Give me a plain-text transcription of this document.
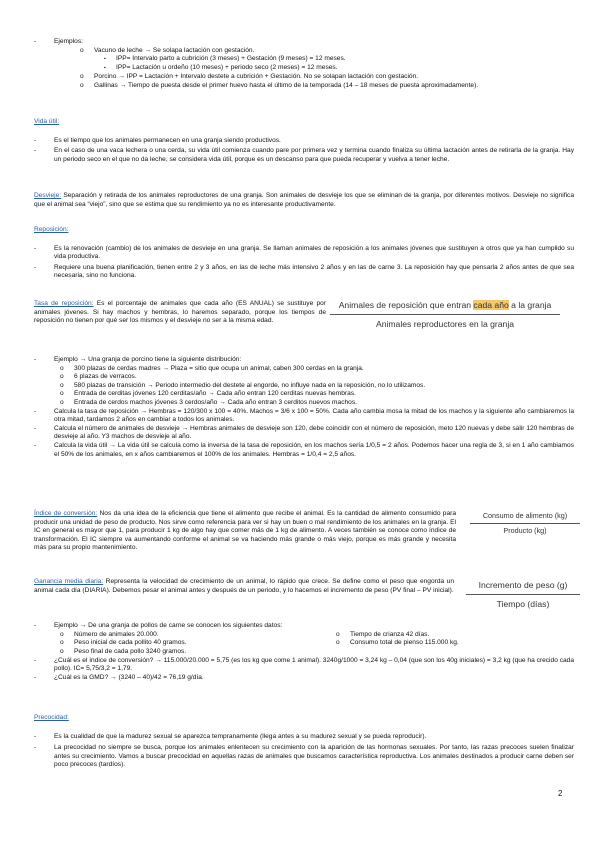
-	Ejemplos:
o Vacuno de leche → Se solapa lactación con gestación.
▪ IPP= Intervalo parto a cubrición (3 meses) + Gestación (9 meses) = 12 meses.
▪ IPP= Lactación u ordeño (10 meses) + periodo seco (2 meses) = 12 meses.
o Porcino → IPP = Lactación + Intervalo destete a cubrición + Gestación. No se solapan lactación con gestación.
o Gallinas → Tiempo de puesta desde el primer huevo hasta el último de la temporada (14 – 18 meses de puesta aproximadamente).
Vida útil:
-	Es el tiempo que los animales permanecen en una granja siendo productivos.
-	En el caso de una vaca lechera o una cerda, su vida útil comienza cuando pare por primera vez y termina cuando finaliza su última lactación antes de retirarla de la granja. Hay un periodo seco en el que no da leche, se considera vida útil, porque es un descanso para que pueda recuperar y vuelva a tener leche.
Desvieje: Separación y retirada de los animales reproductores de una granja. Son animales de desvieje los que se eliminan de la granja, por diferentes motivos. Desvieje no significa que el animal sea “viejo”, sino que se estima que su rendimiento ya no es interesante productivamente.
Reposición:
-	Es la renovación (cambio) de los animales de desvieje en una granja. Se llaman animales de reposición a los animales jóvenes que sustituyen a otros que ya han cumplido su vida productiva.
-	Requiere una buena planificación, tienen entre 2 y 3 años, en las de leche más intensivo 2 años y en las de carne 3. La reposición hay que pensarla 2 años antes de que sea necesaria, sino no funciona.
Tasa de reposición: Es el porcentaje de animales que cada año (ES ANUAL) se sustituye por animales jóvenes. Si hay machos y hembras, lo haremos separado, porque los tiempos de reposición no tienen por qué ser los mismos y el desvieje no ser a la misma edad.
Animales de reposición que entran cada año a la granja
Animales reproductores en la granja
-	Ejemplo → Una granja de porcino tiene la siguiente distribución:
o 300 plazas de cerdas madres → Plaza = sitio que ocupa un animal, caben 300 cerdas en la granja.
o 6 plazas de verracos.
o 580 plazas de transición → Periodo intermedio del destete al engorde, no influye nada en la reposición, no lo utilizamos.
o Entrada de cerditas jóvenes 120 cerditas/año → Cada año entran 120 cerditas nuevas hembras.
o Entrada de cerdos machos jóvenes 3 cerdos/año → Cada año entran 3 cerditos nuevos machos.
-	Calcula la tasa de reposición → Hembras = 120/300 x 100 = 40%. Machos = 3/6 x 100 = 50%. Cada año cambia mosa la mitad de los machos y la siguiente año cambiaremos la otra mitad, tardamos 2 años en cambiar a todos los animales.
-	Calcula el número de animales de desvieje → Hembras animales de desvieje son 120, debe coincidir con el número de reposición, meto 120 nuevas y debe salir 120 hembras de desvieje al año. Y3 machos de desvieje al año.
-	Calcula la vida útil → La vida útil se calcula como la inversa de la tasa de reposición, en los machos sería 1/0,5 = 2 años. Podemos hacer una regla de 3, si en 1 año cambiamos el 50% de los animales, en x años cambiaremos el 100% de los animales. Hembras = 1/0,4 = 2,5 años.
Índice de conversión: Nos da una idea de la eficiencia que tiene el alimento que recibe el animal. Es la cantidad de alimento consumido para producir una unidad de peso de producto. Nos sirve como referencia para ver si hay un buen o mal rendimiento de los animales en la granja. El IC en general es mayor que 1, para producir 1 kg de algo hay que comer más de 1 kg de alimento. A veces también se conoce como índice de transformación. El IC siempre va aumentando conforme el animal se va haciendo más grande o más viejo, porque es más grande y necesita más para su propio mantenimiento.
Consumo de alimento (kg)
Producto (kg)
Ganancia media diaria: Representa la velocidad de crecimiento de un animal, lo rápido que crece. Se define como el peso que engorda un animal cada día (DIARIA). Debemos pesar el animal antes y después de un periodo, y lo hacemos el incremento de peso (PV final – PV inicial).
Incremento de peso (g)
Tiempo (días)
-	Ejemplo → De una granja de pollos de carne se conocen los siguientes datos:
o Número de animales 20.000.
o Peso inicial de cada pollito 40 gramos.
o Peso final de cada pollo 3240 gramos.
o Tiempo de crianza 42 días.
o Consumo total de pienso 115.000 kg.
-	¿Cuál es el índice de conversión? → 115.000/20.000 = 5,75 (es los kg que come 1 animal). 3240g/1000 = 3,24 kg – 0,04 (que son los 40g iniciales) = 3,2 kg (que ha crecido cada pollo). IC= 5,75/3,2 = 1,79.
-	¿Cuál es la GMD? → (3240 – 40)/42 = 76,19 g/día.
Precocidad:
-	Es la cualidad de que la madurez sexual se aparezca tempranamente (llega antes a su madurez sexual y se pueda reproducir).
-	La precocidad no siempre se busca, porque los animales enlentecen su crecimiento con la aparición de las hormonas sexuales. Por tanto, las razas precoces suelen finalizar antes su crecimiento. Vamos a buscar precocidad en aquellas razas de animales que buscamos característica reproductiva. Los animales destinados a producir carne deben ser poco precoces (tardíos).
2
